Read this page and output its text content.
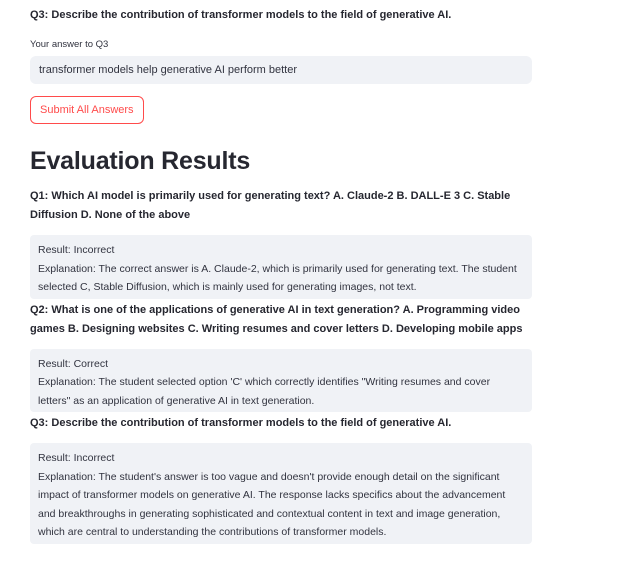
Q3: Describe the contribution of transformer models to the field of generative AI.
Your answer to Q3
transformer models help generative AI perform better
Submit All Answers
Evaluation Results
Q1: Which AI model is primarily used for generating text? A. Claude-2 B. DALL-E 3 C. Stable Diffusion D. None of the above
Result: Incorrect
Explanation: The correct answer is A. Claude-2, which is primarily used for generating text. The student selected C, Stable Diffusion, which is mainly used for generating images, not text.
Q2: What is one of the applications of generative AI in text generation? A. Programming video games B. Designing websites C. Writing resumes and cover letters D. Developing mobile apps
Result: Correct
Explanation: The student selected option 'C' which correctly identifies "Writing resumes and cover letters" as an application of generative AI in text generation.
Q3: Describe the contribution of transformer models to the field of generative AI.
Result: Incorrect
Explanation: The student's answer is too vague and doesn't provide enough detail on the significant impact of transformer models on generative AI. The response lacks specifics about the advancement and breakthroughs in generating sophisticated and contextual content in text and image generation, which are central to understanding the contributions of transformer models.
